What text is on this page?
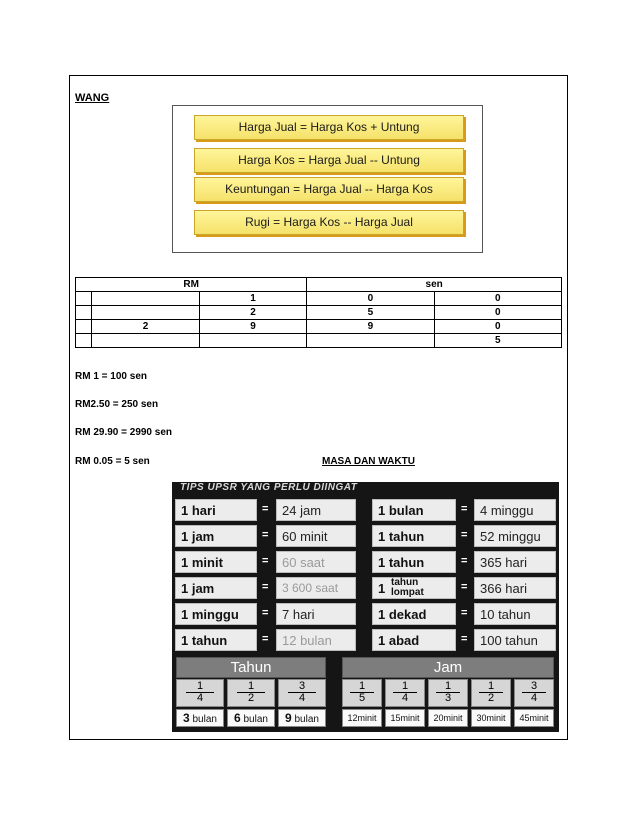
WANG
Harga Jual = Harga Kos + Untung
Harga Kos = Harga Jual -- Untung
Keuntungan = Harga Jual -- Harga Kos
Rugi = Harga Kos -- Harga Jual
RM			sen	
		1	0	0
		2	5	0
	2	9	9	0
				5
RM 1 = 100 sen
RM2.50 = 250 sen
RM 29.90 = 2990 sen
RM 0.05 = 5 sen	MASA DAN WAKTU
TIPS UPSR YANG PERLU DIINGAT
1 hari	=	24 jam
1 jam	=	60 minit
1 minit	=	60 saat
1 jam	=	3 600 saat
1 minggu	=	7 hari
1 tahun	=	12 bulan
1 bulan	= 4 minggu
1 tahun	= 52 minggu
1 tahun	= 365 hari
1 tahun lompat	= 366 hari
1 dekad	= 10 tahun
1 abad	= 100 tahun
Tahun
$\frac{1}{4} \frac{1}{2} \frac{3}{4}$
3 bulan	6 bulan	9 bulan
Jam
$\frac{1}{5} \frac{1}{4} \frac{1}{3} \frac{1}{2} \frac{3}{4}$
12minit	15minit	20minit	30minit	45minit
